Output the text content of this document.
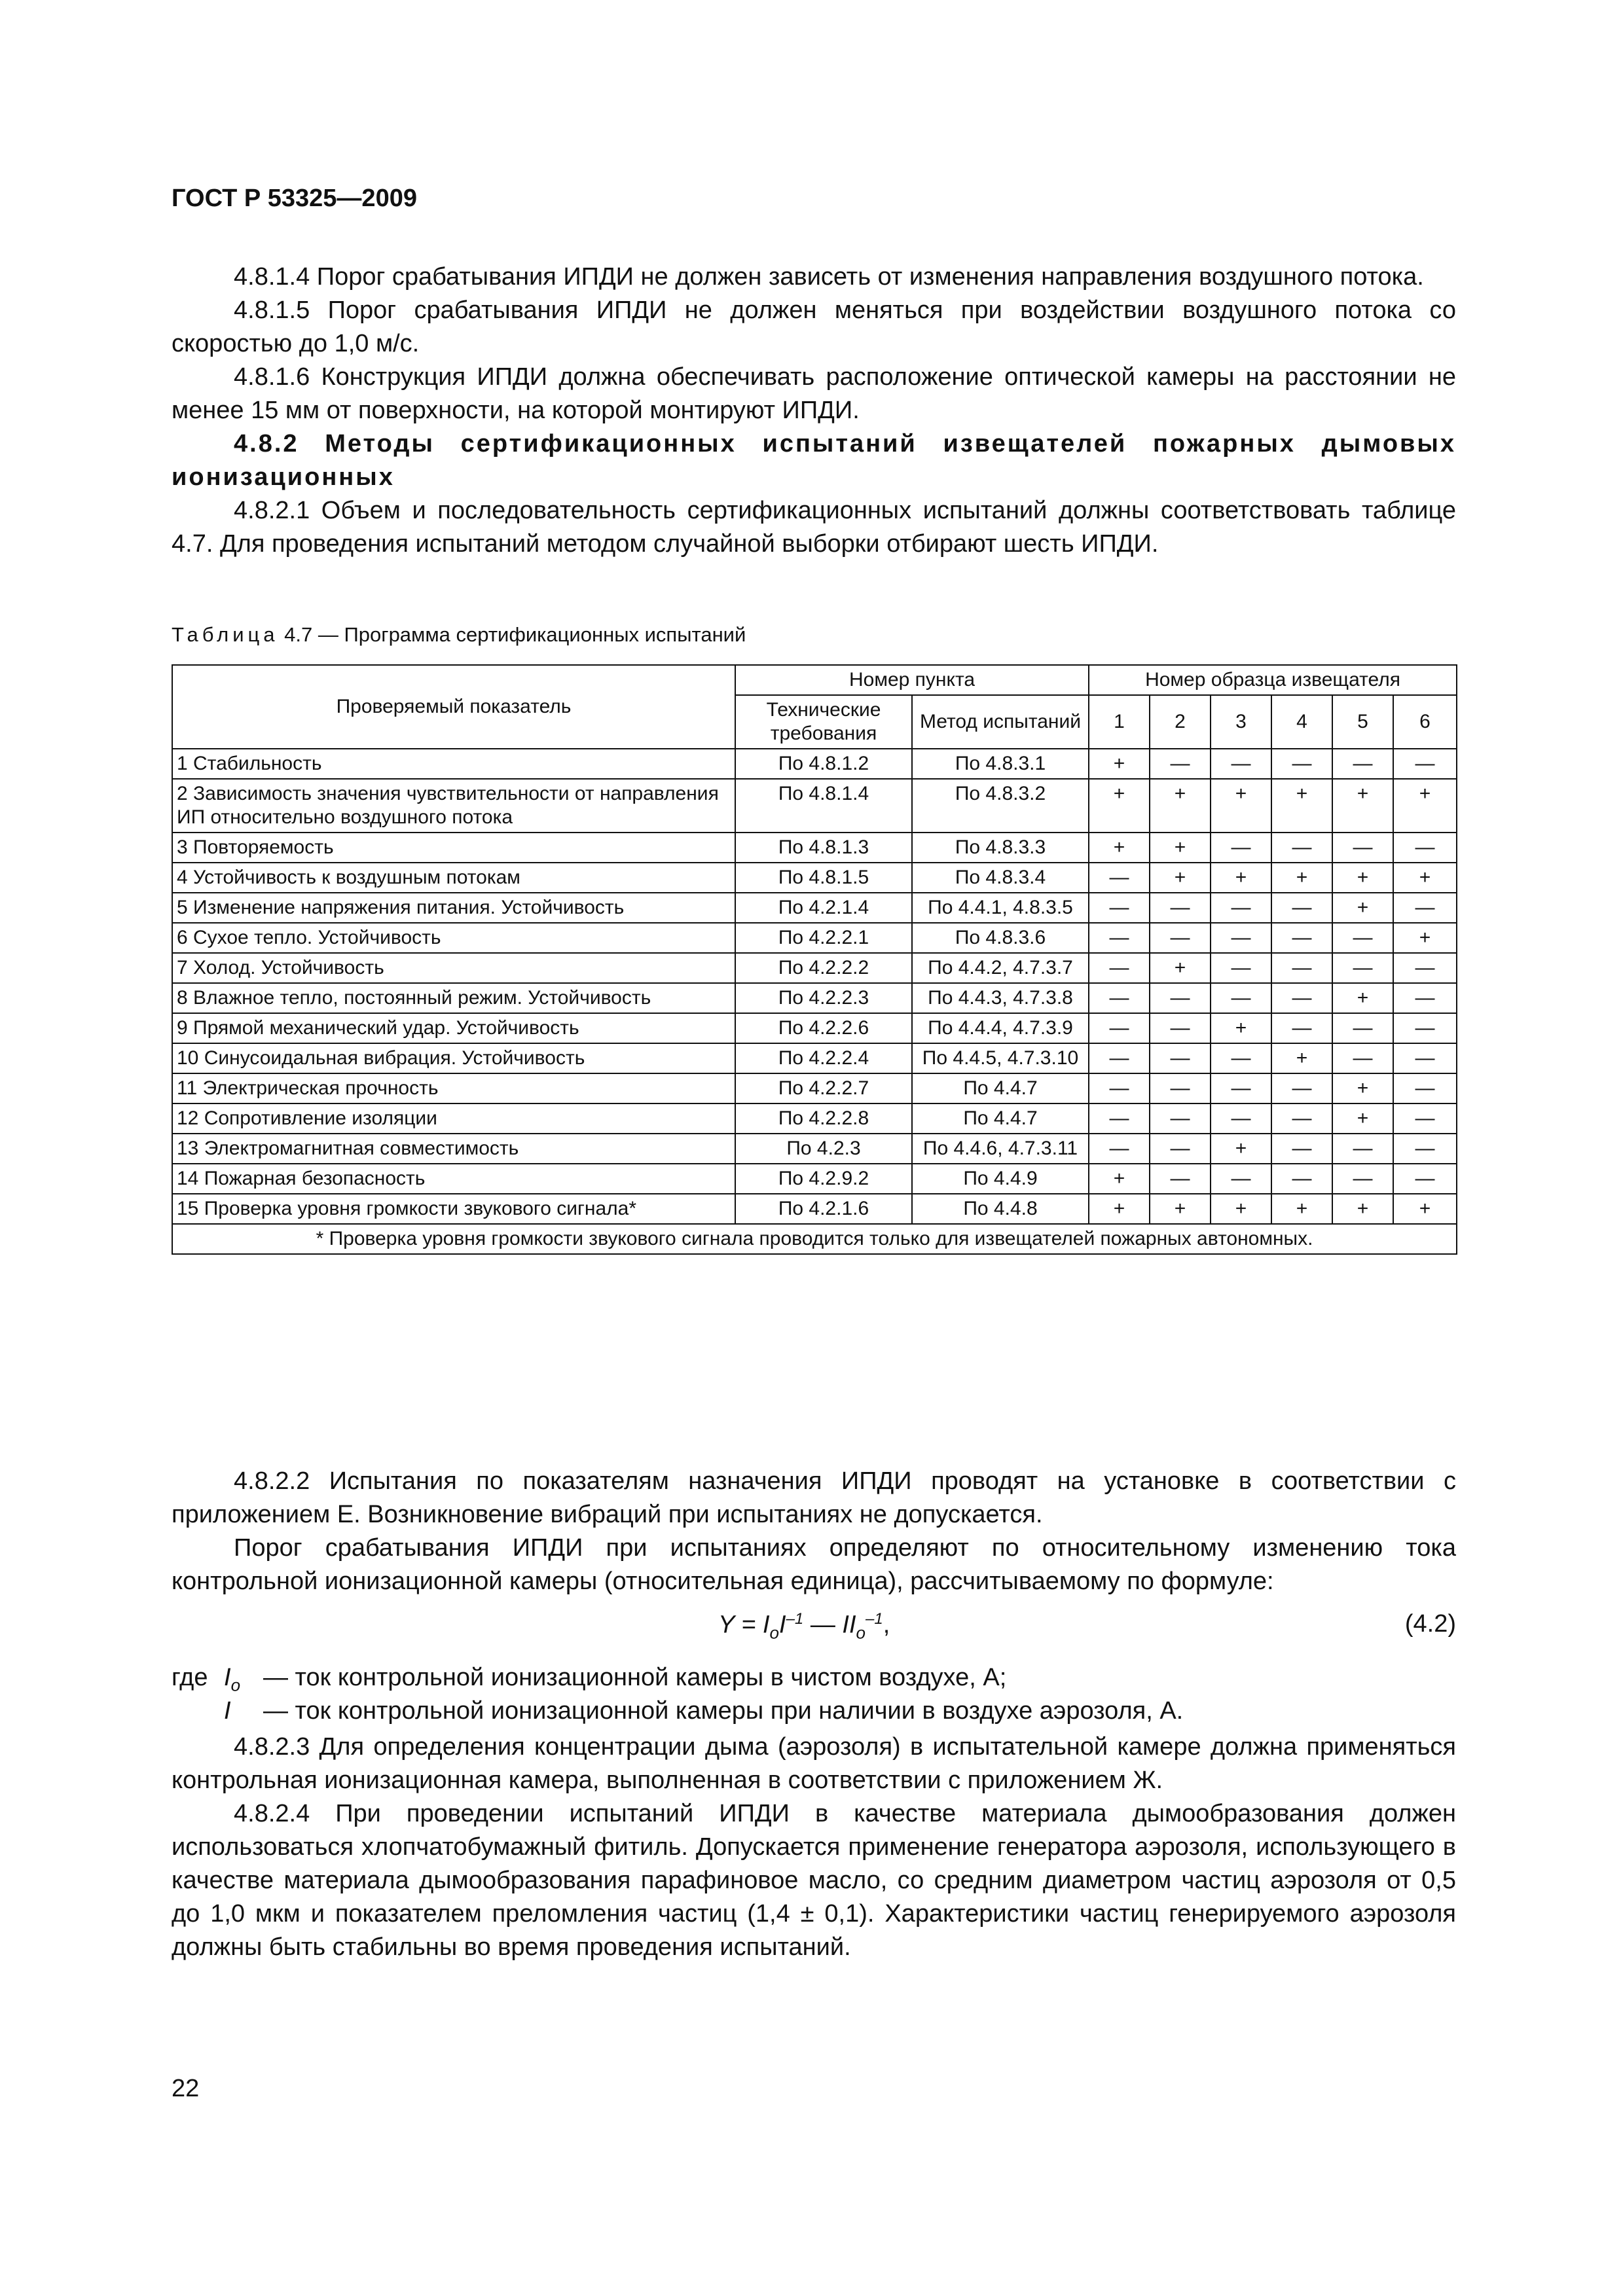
ГОСТ Р 53325—2009

4.8.1.4 Порог срабатывания ИПДИ не должен зависеть от изменения направления воздушного потока.

4.8.1.5 Порог срабатывания ИПДИ не должен меняться при воздействии воздушного потока со скоростью до 1,0 м/с.

4.8.1.6 Конструкция ИПДИ должна обеспечивать расположение оптической камеры на расстоянии не менее 15 мм от поверхности, на которой монтируют ИПДИ.

4.8.2 Методы сертификационных испытаний извещателей пожарных дымовых ионизационных

4.8.2.1 Объем и последовательность сертификационных испытаний должны соответствовать таблице 4.7. Для проведения испытаний методом случайной выборки отбирают шесть ИПДИ.

Таблица 4.7 — Программа сертификационных испытаний
Проверяемый показатель	Номер пункта		Номер образца извещателя					
	Технические требования	Метод испытаний	1	2	3	4	5	6
1 Стабильность	По 4.8.1.2	По 4.8.3.1	+	—	—	—	—	—
2 Зависимость значения чувствительности от направления ИП относительно воздушного потока	По 4.8.1.4	По 4.8.3.2	+	+	+	+	+	+
3 Повторяемость	По 4.8.1.3	По 4.8.3.3	+	+	—	—	—	—
4 Устойчивость к воздушным потокам	По 4.8.1.5	По 4.8.3.4	—	+	+	+	+	+
5 Изменение напряжения питания. Устойчивость	По 4.2.1.4	По 4.4.1, 4.8.3.5	—	—	—	—	+	—
6 Сухое тепло. Устойчивость	По 4.2.2.1	По 4.8.3.6	—	—	—	—	—	+
7 Холод. Устойчивость	По 4.2.2.2	По 4.4.2, 4.7.3.7	—	+	—	—	—	—
8 Влажное тепло, постоянный режим. Устойчивость	По 4.2.2.3	По 4.4.3, 4.7.3.8	—	—	—	—	+	—
9 Прямой механический удар. Устойчивость	По 4.2.2.6	По 4.4.4, 4.7.3.9	—	—	+	—	—	—
10 Синусоидальная вибрация. Устойчивость	По 4.2.2.4	По 4.4.5, 4.7.3.10	—	—	—	+	—	—
11 Электрическая прочность	По 4.2.2.7	По 4.4.7	—	—	—	—	+	—
12 Сопротивление изоляции	По 4.2.2.8	По 4.4.7	—	—	—	—	+	—
13 Электромагнитная совместимость	По 4.2.3	По 4.4.6, 4.7.3.11	—	—	+	—	—	—
14 Пожарная безопасность	По 4.2.9.2	По 4.4.9	+	—	—	—	—	—
15 Проверка уровня громкости звукового сигнала*	По 4.2.1.6	По 4.4.8	+	+	+	+	+	+
* Проверка уровня громкости звукового сигнала проводится только для извещателей пожарных автономных.								

4.8.2.2 Испытания по показателям назначения ИПДИ проводят на установке в соответствии с приложением Е. Возникновение вибраций при испытаниях не допускается.

Порог срабатывания ИПДИ при испытаниях определяют по относительному изменению тока контрольной ионизационной камеры (относительная единица), рассчитываемому по формуле:

$Y = I_oI^{-1}$ — $II_o^{-1}$,	(4.2)
где $I_o$ — ток контрольной ионизационной камеры в чистом воздухе, А;
I — ток контрольной ионизационной камеры при наличии в воздухе аэрозоля, А.

4.8.2.3 Для определения концентрации дыма (аэрозоля) в испытательной камере должна применяться контрольная ионизационная камера, выполненная в соответствии с приложением Ж.

4.8.2.4 При проведении испытаний ИПДИ в качестве материала дымообразования должен использоваться хлопчатобумажный фитиль. Допускается применение генератора аэрозоля, использующего в качестве материала дымообразования парафиновое масло, со средним диаметром частиц аэрозоля от 0,5 до 1,0 мкм и показателем преломления частиц (1,4 ± 0,1). Характеристики частиц генерируемого аэрозоля должны быть стабильны во время проведения испытаний.

22
